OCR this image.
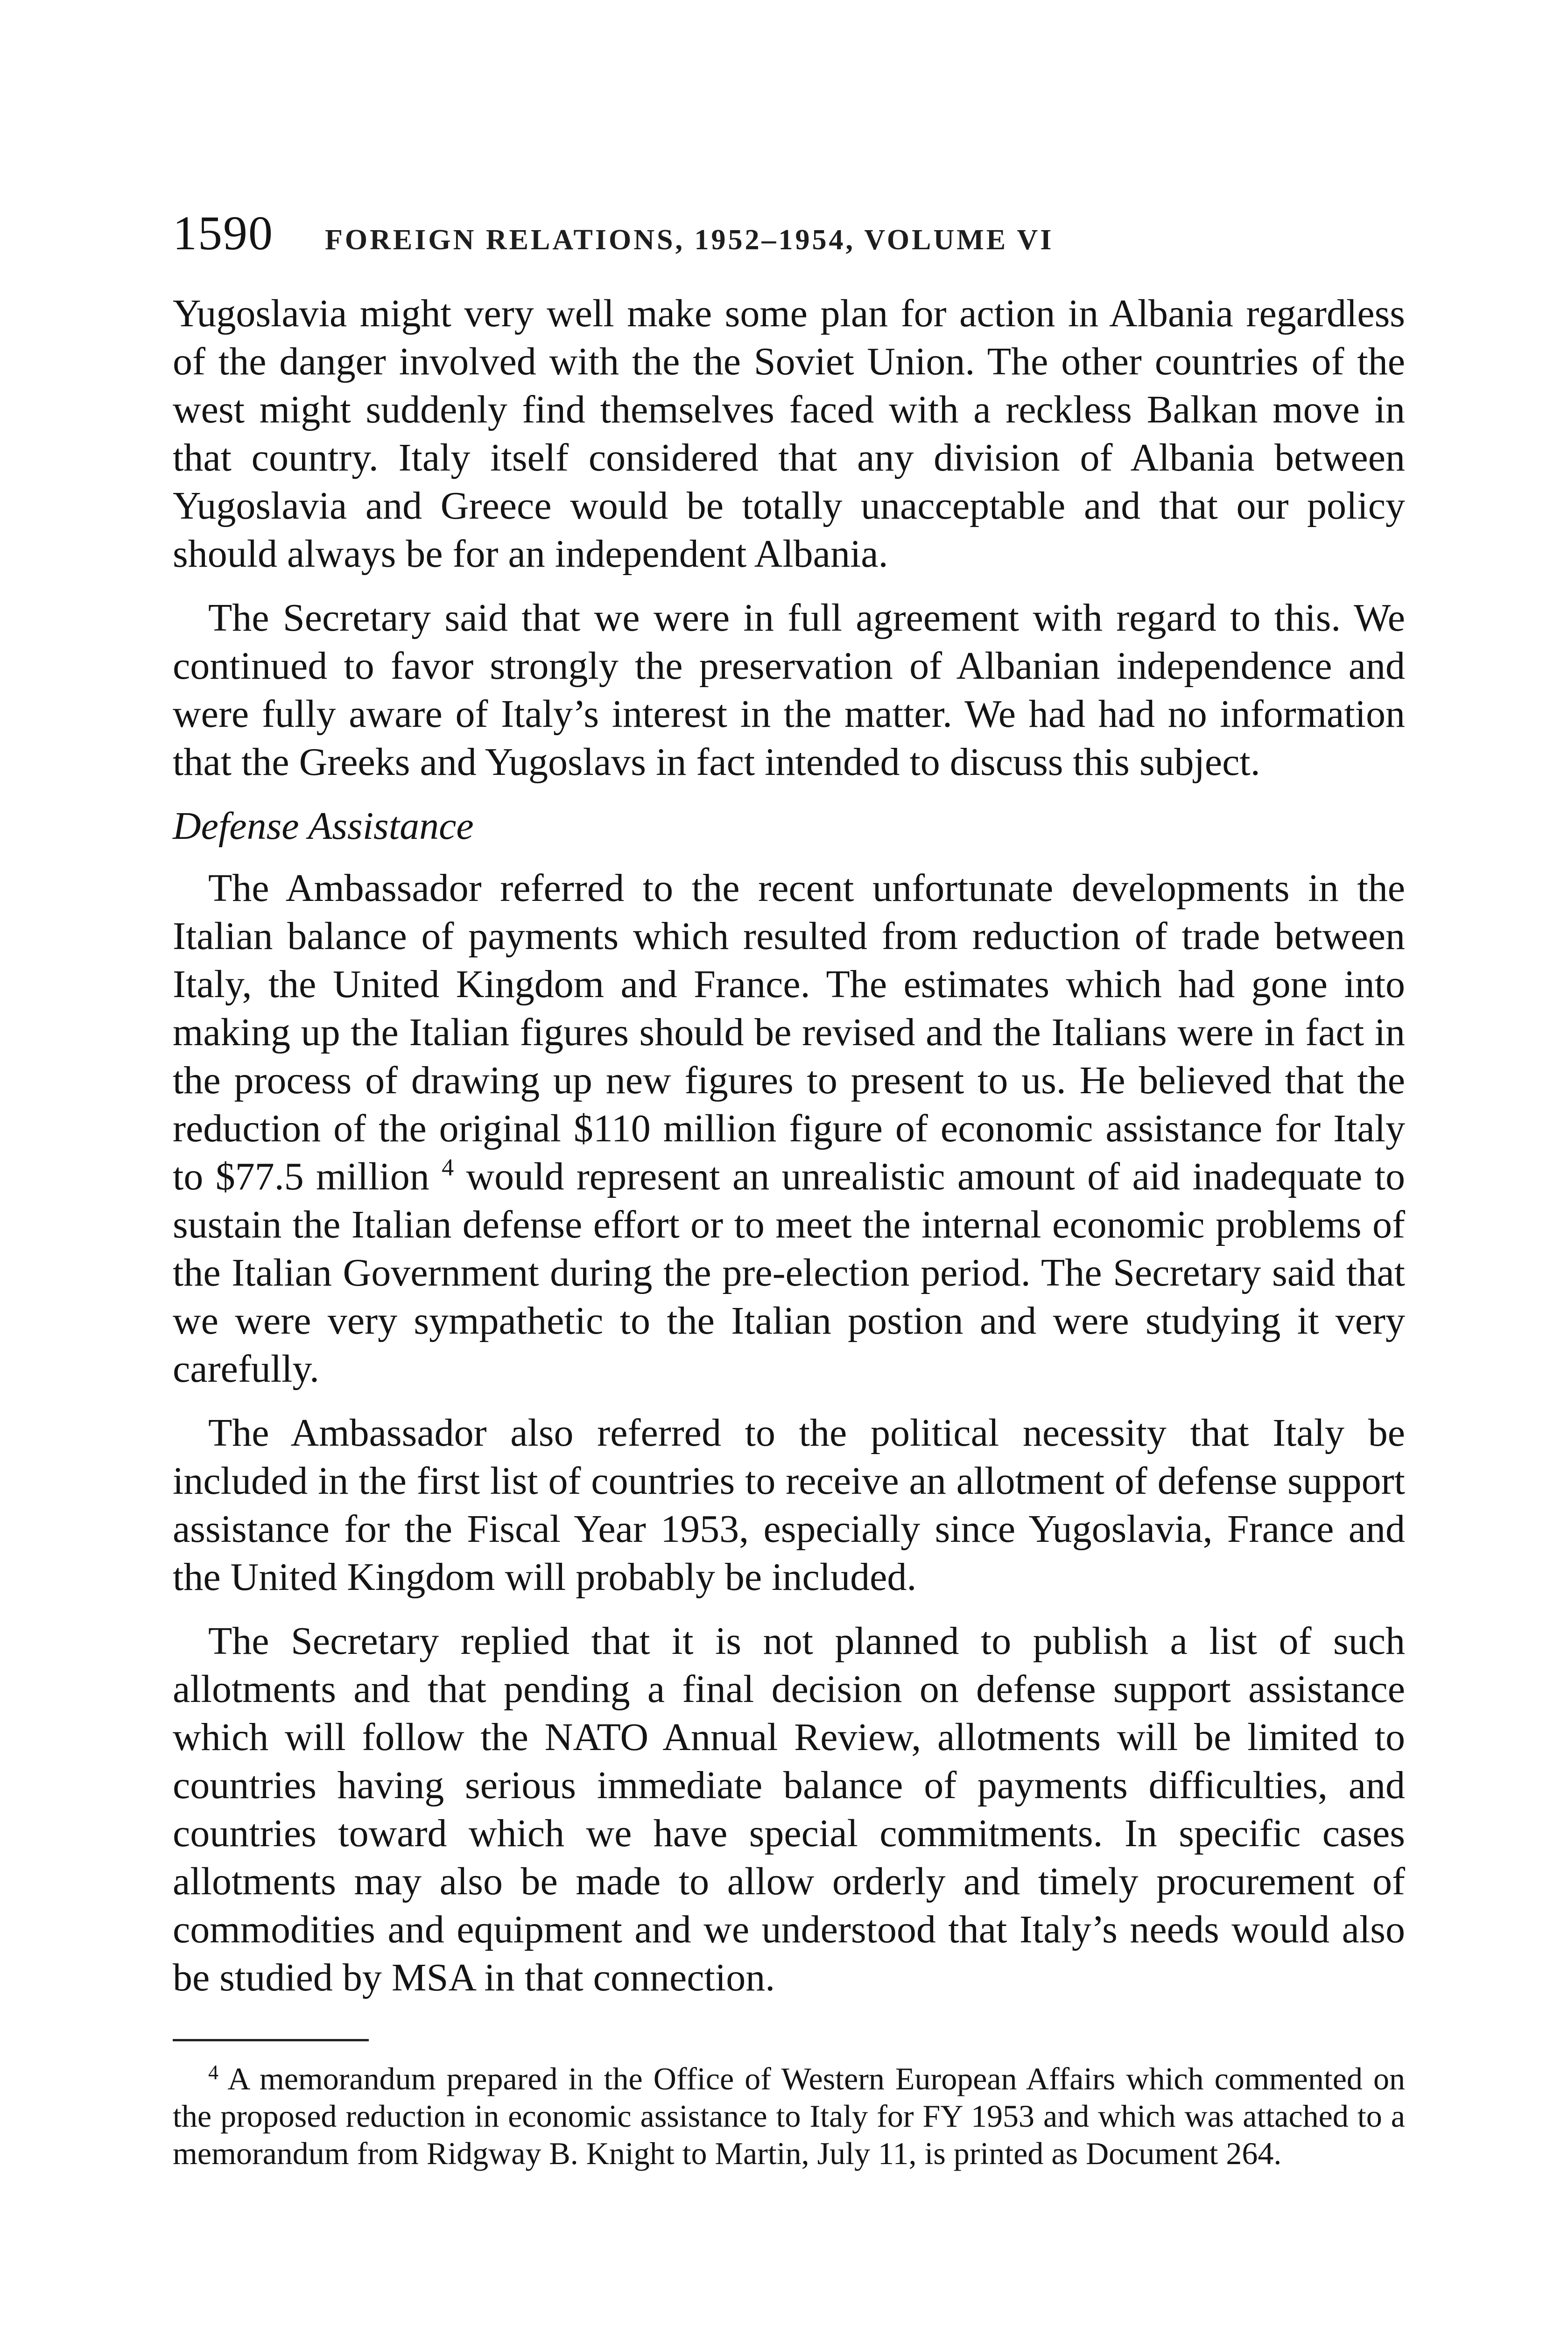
1590 FOREIGN RELATIONS, 1952–1954, VOLUME VI

Yugoslavia might very well make some plan for action in Albania regardless of the danger involved with the the Soviet Union. The other countries of the west might suddenly find themselves faced with a reckless Balkan move in that country. Italy itself considered that any division of Albania between Yugoslavia and Greece would be totally unacceptable and that our policy should always be for an independent Albania.

The Secretary said that we were in full agreement with regard to this. We continued to favor strongly the preservation of Albanian independence and were fully aware of Italy’s interest in the matter. We had had no information that the Greeks and Yugoslavs in fact intended to discuss this subject.

Defense Assistance

The Ambassador referred to the recent unfortunate developments in the Italian balance of payments which resulted from reduction of trade between Italy, the United Kingdom and France. The estimates which had gone into making up the Italian figures should be revised and the Italians were in fact in the process of drawing up new figures to present to us. He believed that the reduction of the original $110 million figure of economic assistance for Italy to $77.5 million $^4$ would represent an unrealistic amount of aid inadequate to sustain the Italian defense effort or to meet the internal economic problems of the Italian Government during the pre-election period. The Secretary said that we were very sympathetic to the Italian postion and were studying it very carefully.

The Ambassador also referred to the political necessity that Italy be included in the first list of countries to receive an allotment of defense support assistance for the Fiscal Year 1953, especially since Yugoslavia, France and the United Kingdom will probably be included.

The Secretary replied that it is not planned to publish a list of such allotments and that pending a final decision on defense support assistance which will follow the NATO Annual Review, allotments will be limited to countries having serious immediate balance of payments difficulties, and countries toward which we have special commitments. In specific cases allotments may also be made to allow orderly and timely procurement of commodities and equipment and we understood that Italy’s needs would also be studied by MSA in that connection.

$^4$ A memorandum prepared in the Office of Western European Affairs which commented on the proposed reduction in economic assistance to Italy for FY 1953 and which was attached to a memorandum from Ridgway B. Knight to Martin, July 11, is printed as Document 264.
